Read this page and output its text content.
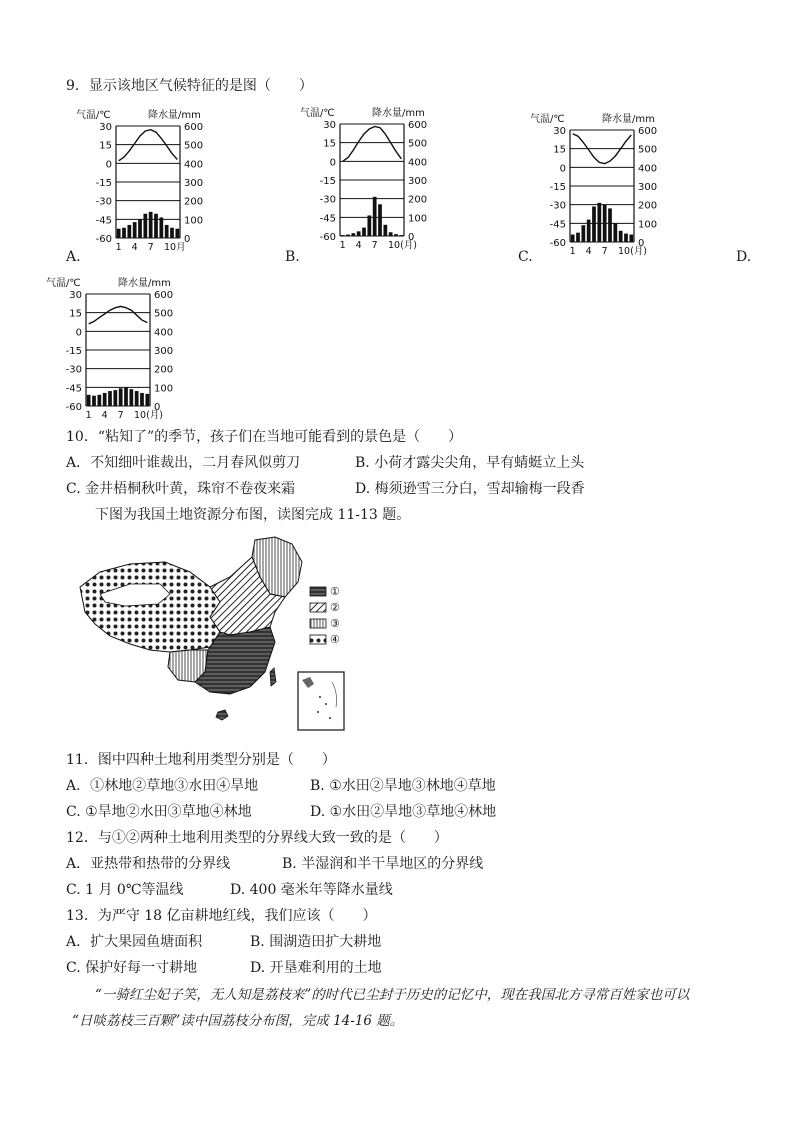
9．显示该地区气候特征的是图（　　）
气温/℃	降水量/mm
30
15
0
-15
-30
-45
-60
600
500
400
300
200
100
0
1 4 7 10月
气温/℃	降水量/mm
30
15
0
-15
-30
-45
-60
600
500
400
300
200
100
0
1 4 7 10(月)
气温/℃	降水量/mm
30
15
0
-15
-30
-45
-60
600
500
400
300
200
100
0
1 4 7 10(月)
气温/℃	降水量/mm
30
15
0
-15
-30
-45
-60
600
500
400
300
200
100
0
1 4 7 10(月)
A.	B.	C.	D.
10．“粘知了”的季节，孩子们在当地可能看到的景色是（　　）
A．不知细叶谁裁出，二月春风似剪刀	B. 小荷才露尖尖角，早有蜻蜓立上头
C. 金井梧桐秋叶黄，珠帘不卷夜来霜	D. 梅须逊雪三分白，雪却输梅一段香
下图为我国土地资源分布图，读图完成 11-13 题。
①
②
③
④
11．图中四种土地利用类型分别是（　　）
A．①林地②草地③水田④旱地	B. ①水田②旱地③林地④草地
C. ①旱地②水田③草地④林地	D. ①水田②旱地③草地④林地
12．与①②两种土地利用类型的分界线大致一致的是（　　）
A．亚热带和热带的分界线	B. 半湿润和半干旱地区的分界线
C. 1 月 0℃等温线	D. 400 毫米年等降水量线
13．为严守 18 亿亩耕地红线，我们应该（　　）
A．扩大果园鱼塘面积	B. 围湖造田扩大耕地
C. 保护好每一寸耕地	D. 开垦难利用的土地
“一骑红尘妃子笑，无人知是荔枝来”的时代已尘封于历史的记忆中，现在我国北方寻常百姓家也可以
“日啖荔枝三百颗”读中国荔枝分布图，完成 14-16 题。
